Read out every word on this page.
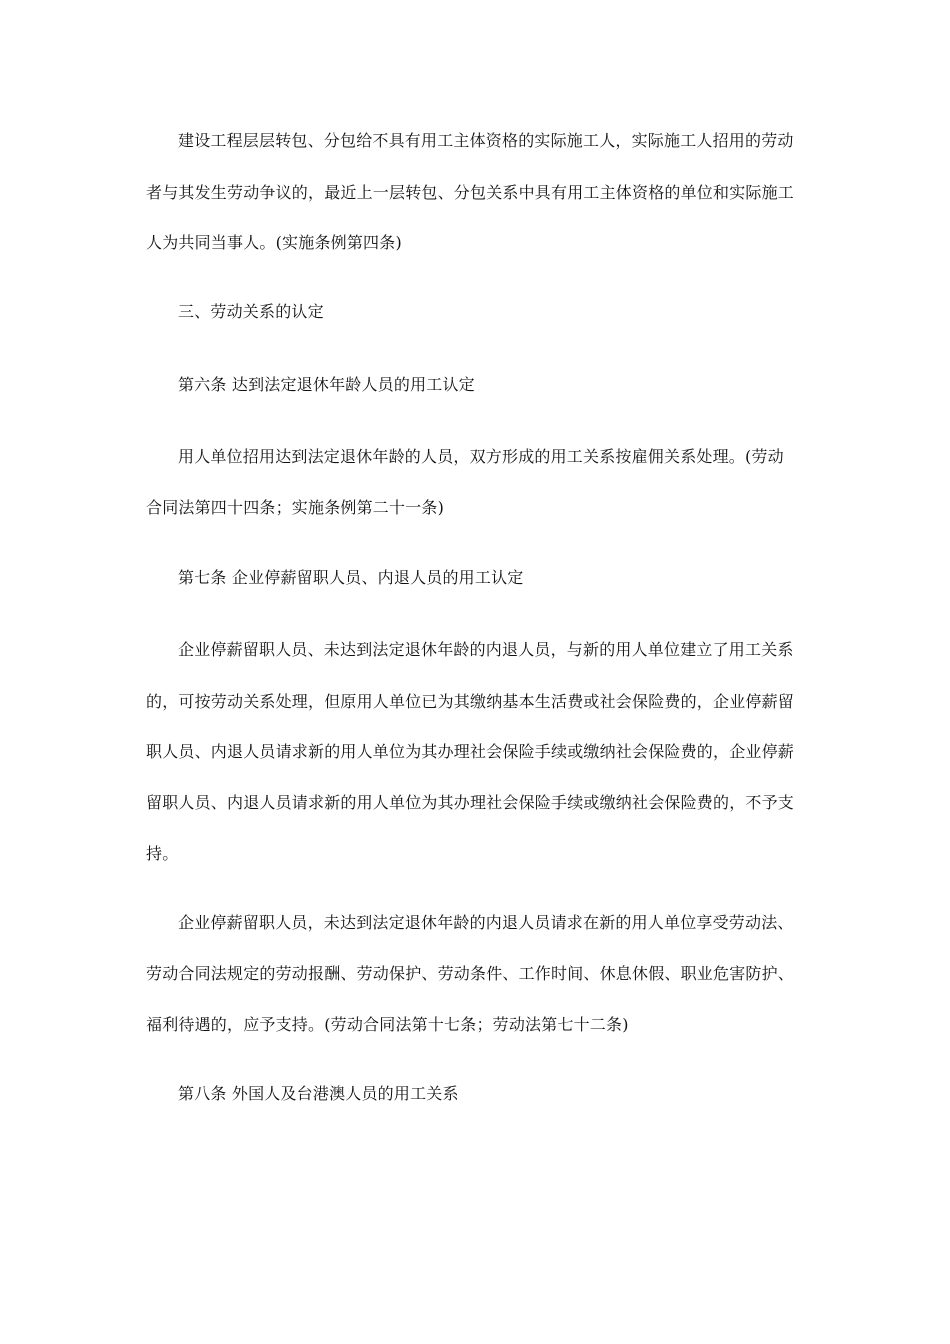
建设工程层层转包、分包给不具有用工主体资格的实际施工人，实际施工人招用的劳动
者与其发生劳动争议的，最近上一层转包、分包关系中具有用工主体资格的单位和实际施工
人为共同当事人。(实施条例第四条)
三、劳动关系的认定
第六条 达到法定退休年龄人员的用工认定
用人单位招用达到法定退休年龄的人员，双方形成的用工关系按雇佣关系处理。(劳动
合同法第四十四条；实施条例第二十一条)
第七条 企业停薪留职人员、内退人员的用工认定
企业停薪留职人员、未达到法定退休年龄的内退人员，与新的用人单位建立了用工关系
的，可按劳动关系处理，但原用人单位已为其缴纳基本生活费或社会保险费的，企业停薪留
职人员、内退人员请求新的用人单位为其办理社会保险手续或缴纳社会保险费的，企业停薪
留职人员、内退人员请求新的用人单位为其办理社会保险手续或缴纳社会保险费的，不予支
持。
企业停薪留职人员，未达到法定退休年龄的内退人员请求在新的用人单位享受劳动法、
劳动合同法规定的劳动报酬、劳动保护、劳动条件、工作时间、休息休假、职业危害防护、
福利待遇的，应予支持。(劳动合同法第十七条；劳动法第七十二条)
第八条 外国人及台港澳人员的用工关系
